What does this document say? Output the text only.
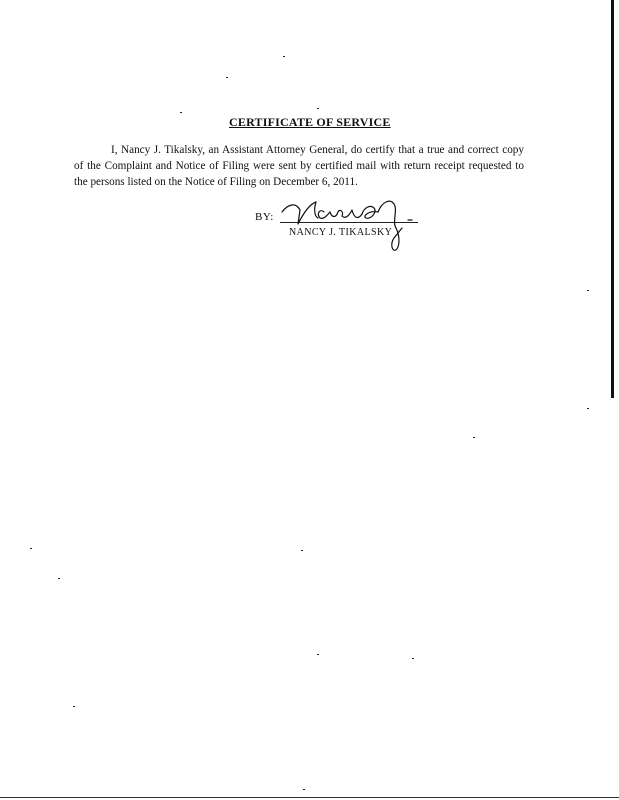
CERTIFICATE OF SERVICE
I, Nancy J. Tikalsky, an Assistant Attorney General, do certify that a true and correct copy of the Complaint and Notice of Filing were sent by certified mail with return receipt requested to the persons listed on the Notice of Filing on December 6, 2011.
BY:
NANCY J. TIKALSKY
